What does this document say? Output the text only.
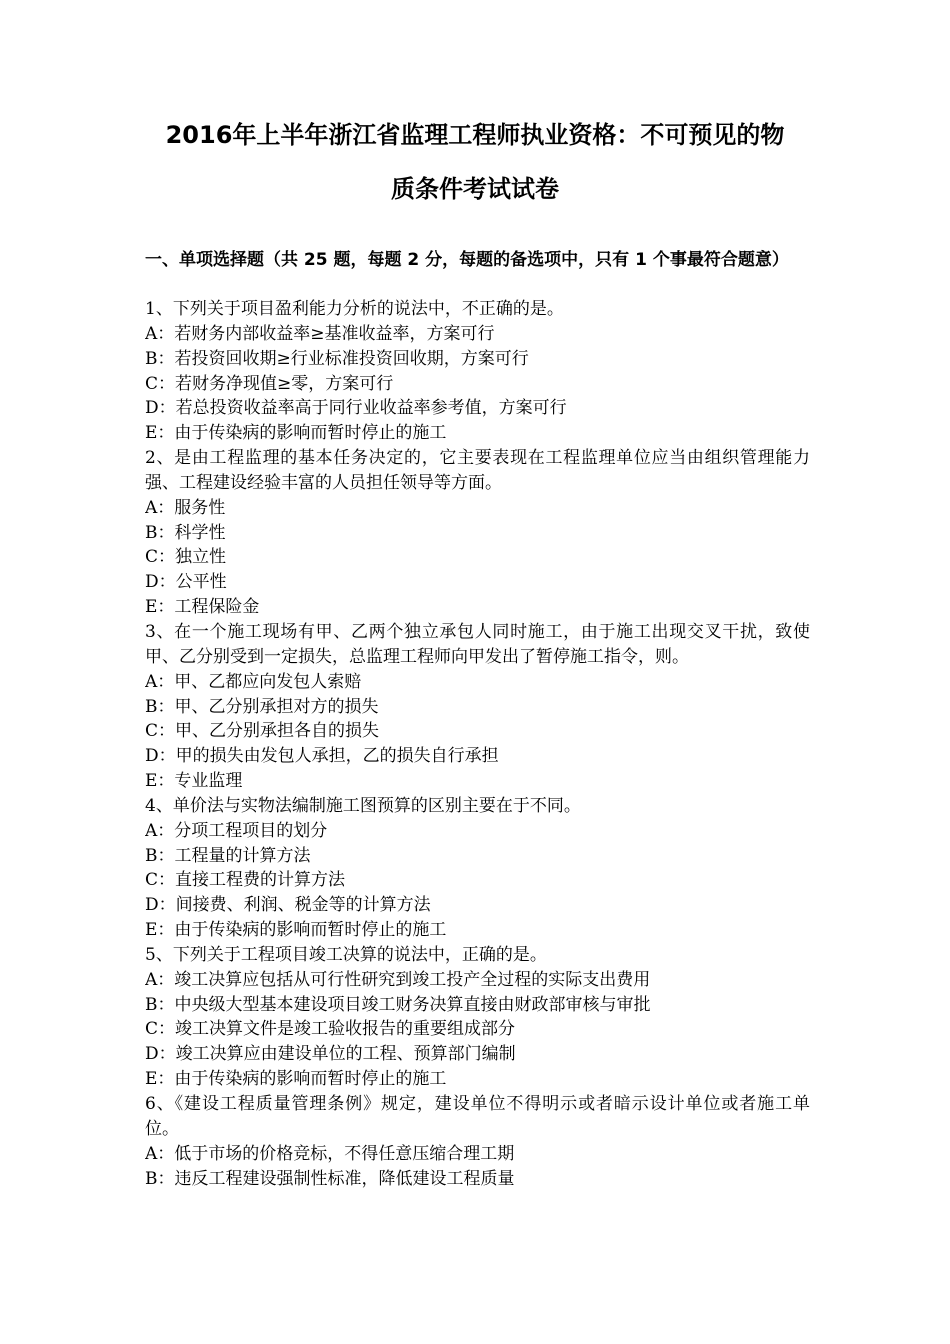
2016年上半年浙江省监理工程师执业资格：不可预见的物
质条件考试试卷

一、单项选择题（共 25 题，每题 2 分，每题的备选项中，只有 1 个事最符合题意）

1、下列关于项目盈利能力分析的说法中，不正确的是。

A：若财务内部收益率≥基准收益率，方案可行

B：若投资回收期≥行业标准投资回收期，方案可行

C：若财务净现值≥零，方案可行

D：若总投资收益率高于同行业收益率参考值，方案可行

E：由于传染病的影响而暂时停止的施工

2、是由工程监理的基本任务决定的，它主要表现在工程监理单位应当由组织管理能力强、工程建设经验丰富的人员担任领导等方面。

A：服务性

B：科学性

C：独立性

D：公平性

E：工程保险金

3、在一个施工现场有甲、乙两个独立承包人同时施工，由于施工出现交叉干扰，致使甲、乙分别受到一定损失，总监理工程师向甲发出了暂停施工指令，则。

A：甲、乙都应向发包人索赔

B：甲、乙分别承担对方的损失

C：甲、乙分别承担各自的损失

D：甲的损失由发包人承担，乙的损失自行承担

E：专业监理

4、单价法与实物法编制施工图预算的区别主要在于不同。

A：分项工程项目的划分

B：工程量的计算方法

C：直接工程费的计算方法

D：间接费、利润、税金等的计算方法

E：由于传染病的影响而暂时停止的施工

5、下列关于工程项目竣工决算的说法中，正确的是。

A：竣工决算应包括从可行性研究到竣工投产全过程的实际支出费用

B：中央级大型基本建设项目竣工财务决算直接由财政部审核与审批

C：竣工决算文件是竣工验收报告的重要组成部分

D：竣工决算应由建设单位的工程、预算部门编制

E：由于传染病的影响而暂时停止的施工

6、《建设工程质量管理条例》规定，建设单位不得明示或者暗示设计单位或者施工单位。

A：低于市场的价格竞标，不得任意压缩合理工期

B：违反工程建设强制性标准，降低建设工程质量
